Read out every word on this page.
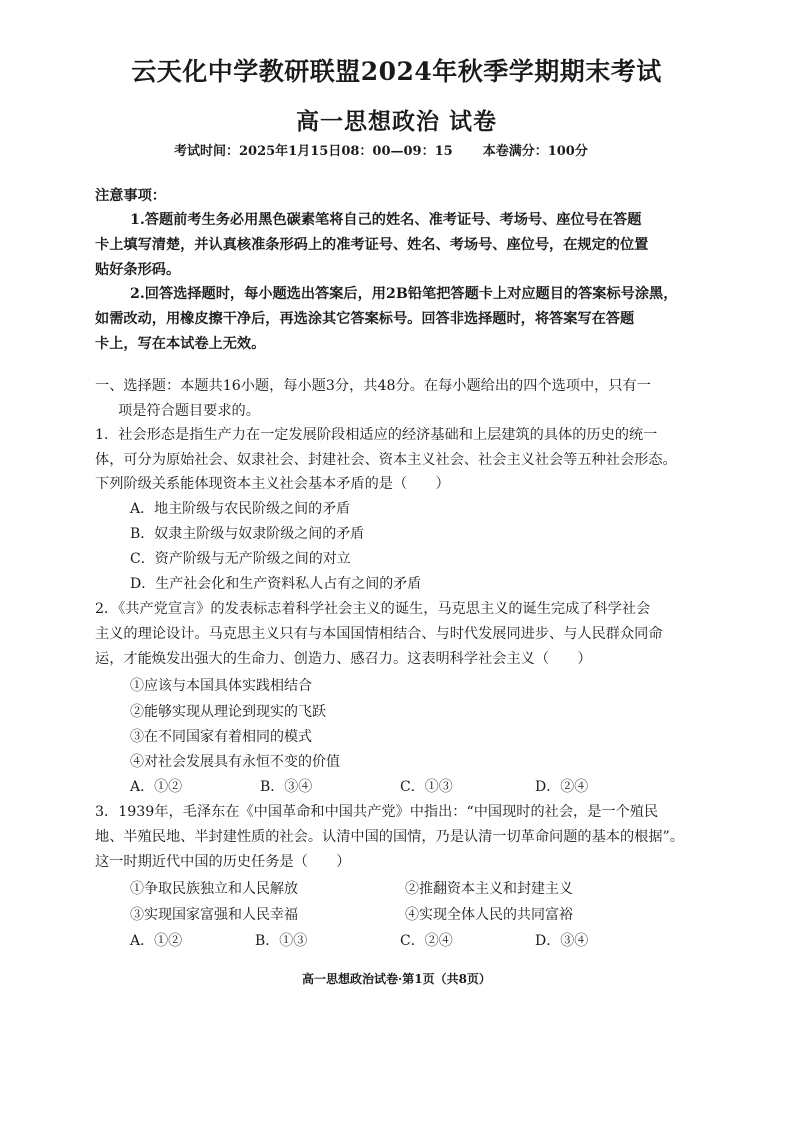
云天化中学教研联盟2024年秋季学期期末考试
高一思想政治 试卷
考试时间：2025年1月15日08：00—09：15 本卷满分：100分
注意事项：
1.答题前考生务必用黑色碳素笔将自己的姓名、准考证号、考场号、座位号在答题
卡上填写清楚，并认真核准条形码上的准考证号、姓名、考场号、座位号，在规定的位置
贴好条形码。
2.回答选择题时，每小题选出答案后，用2B铅笔把答题卡上对应题目的答案标号涂黑，
如需改动，用橡皮擦干净后，再选涂其它答案标号。回答非选择题时，将答案写在答题
卡上，写在本试卷上无效。
一、选择题：本题共16小题，每小题3分，共48分。在每小题给出的四个选项中，只有一
项是符合题目要求的。
1．社会形态是指生产力在一定发展阶段相适应的经济基础和上层建筑的具体的历史的统一
体，可分为原始社会、奴隶社会、封建社会、资本主义社会、社会主义社会等五种社会形态。
下列阶级关系能体现资本主义社会基本矛盾的是（　　）
A．地主阶级与农民阶级之间的矛盾
B．奴隶主阶级与奴隶阶级之间的矛盾
C．资产阶级与无产阶级之间的对立
D．生产社会化和生产资料私人占有之间的矛盾
2．《共产党宣言》的发表标志着科学社会主义的诞生，马克思主义的诞生完成了科学社会
主义的理论设计。马克思主义只有与本国国情相结合、与时代发展同进步、与人民群众同命
运，才能焕发出强大的生命力、创造力、感召力。这表明科学社会主义（　　）
①应该与本国具体实践相结合
②能够实现从理论到现实的飞跃
③在不同国家有着相同的模式
④对社会发展具有永恒不变的价值
A．①②	B．③④	C．①③	D．②④
3．1939年，毛泽东在《中国革命和中国共产党》中指出：“中国现时的社会，是一个殖民
地、半殖民地、半封建性质的社会。认清中国的国情，乃是认清一切革命问题的基本的根据”。
这一时期近代中国的历史任务是（　　）
①争取民族独立和人民解放	②推翻资本主义和封建主义
③实现国家富强和人民幸福	④实现全体人民的共同富裕
A．①②	B．①③	C．②④	D．③④
高一思想政治试卷·第1页（共8页）
